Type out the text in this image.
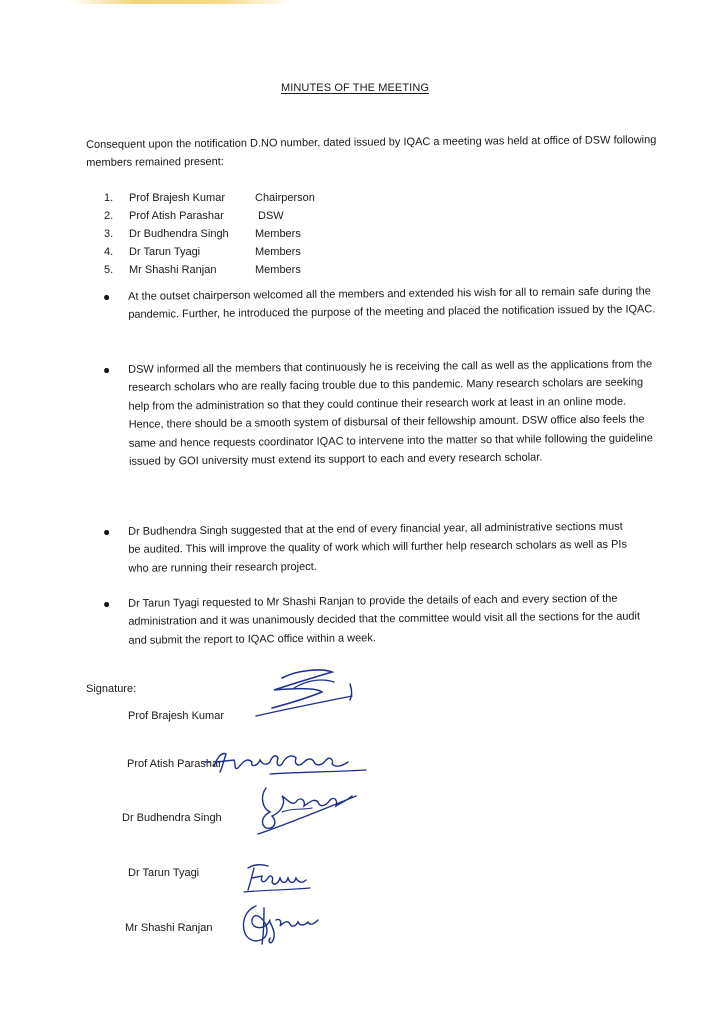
MINUTES OF THE MEETING
Consequent upon the notification D.NO number, dated issued by IQAC a meeting was held at office of DSW following members remained present:
1.	Prof Brajesh Kumar	Chairperson
2.	Prof Atish Parashar	DSW
3.	Dr Budhendra Singh	Members
4.	Dr Tarun Tyagi	Members
5.	Mr Shashi Ranjan	Members
At the outset chairperson welcomed all the members and extended his wish for all to remain safe during the pandemic. Further, he introduced the purpose of the meeting and placed the notification issued by the IQAC.
DSW informed all the members that continuously he is receiving the call as well as the applications from the research scholars who are really facing trouble due to this pandemic. Many research scholars are seeking help from the administration so that they could continue their research work at least in an online mode. Hence, there should be a smooth system of disbursal of their fellowship amount. DSW office also feels the same and hence requests coordinator IQAC to intervene into the matter so that while following the guideline issued by GOI university must extend its support to each and every research scholar.
Dr Budhendra Singh suggested that at the end of every financial year, all administrative sections must be audited. This will improve the quality of work which will further help research scholars as well as PIs who are running their research project.
Dr Tarun Tyagi requested to Mr Shashi Ranjan to provide the details of each and every section of the administration and it was unanimously decided that the committee would visit all the sections for the audit and submit the report to IQAC office within a week.
Signature:
Prof Brajesh Kumar
Prof Atish Parashar
Dr Budhendra Singh
Dr Tarun Tyagi
Mr Shashi Ranjan
